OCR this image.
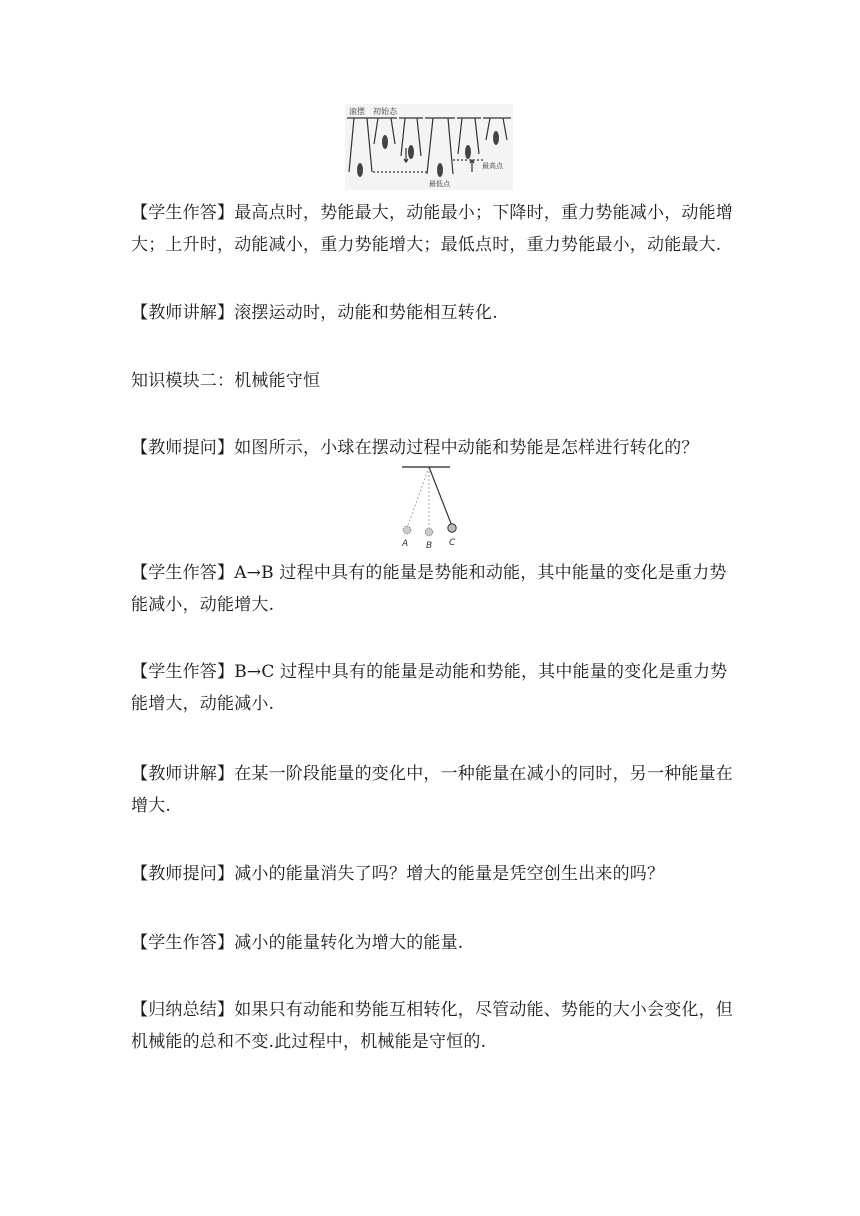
滚摆 初始态
最低点
最高点
A B C

【学生作答】最高点时，势能最大，动能最小；下降时，重力势能减小，动能增大；上升时，动能减小，重力势能增大；最低点时，重力势能最小，动能最大.

【教师讲解】滚摆运动时，动能和势能相互转化.

知识模块二：机械能守恒

【教师提问】如图所示，小球在摆动过程中动能和势能是怎样进行转化的？

【学生作答】A→B 过程中具有的能量是势能和动能，其中能量的变化是重力势能减小，动能增大.

【学生作答】B→C 过程中具有的能量是动能和势能，其中能量的变化是重力势能增大，动能减小.

【教师讲解】在某一阶段能量的变化中，一种能量在减小的同时，另一种能量在增大.

【教师提问】减小的能量消失了吗？增大的能量是凭空创生出来的吗？

【学生作答】减小的能量转化为增大的能量.

【归纳总结】如果只有动能和势能互相转化，尽管动能、势能的大小会变化，但机械能的总和不变.此过程中，机械能是守恒的.
